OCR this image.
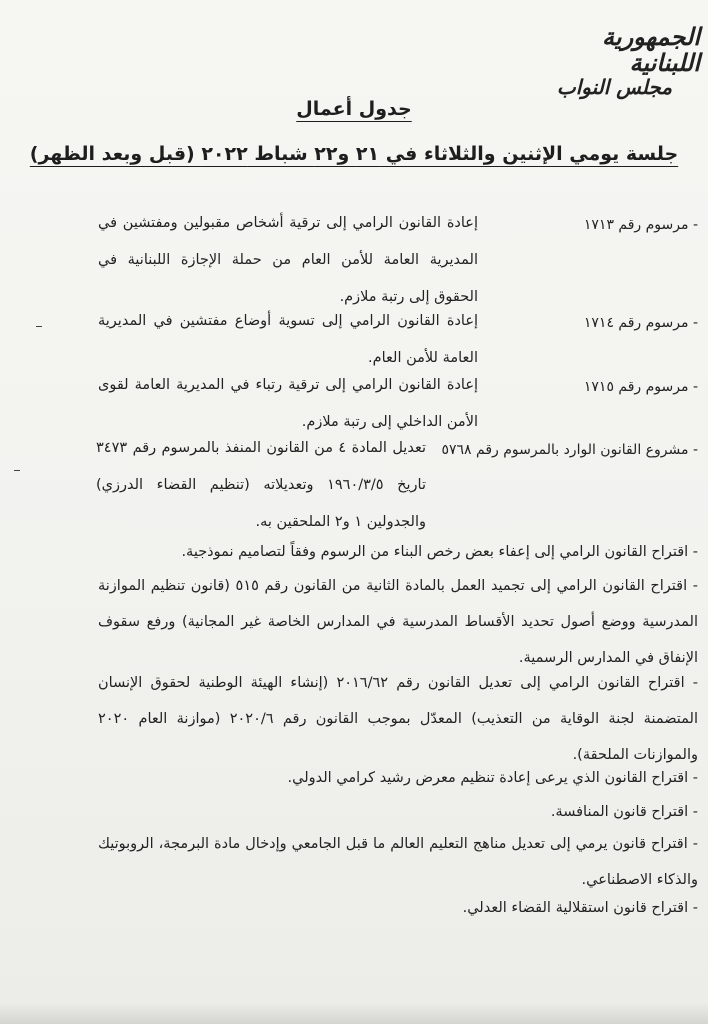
الجمهورية اللبنانية
مجلس النواب
جدول أعمال
جلسة يومي الإثنين والثلاثاء في ٢١ و٢٢ شباط ٢٠٢٢ (قبل وبعد الظهر)
- مرسوم رقم ١٧١٣
إعادة القانون الرامي إلى ترقية أشخاص مقبولين ومفتشين في المديرية العامة للأمن العام من حملة الإجازة اللبنانية في الحقوق إلى رتبة ملازم.
- مرسوم رقم ١٧١٤
إعادة القانون الرامي إلى تسوية أوضاع مفتشين في المديرية العامة للأمن العام.
- مرسوم رقم ١٧١٥
إعادة القانون الرامي إلى ترقية رتباء في المديرية العامة لقوى الأمن الداخلي إلى رتبة ملازم.
- مشروع القانون الوارد بالمرسوم رقم ٥٧٦٨
تعديل المادة ٤ من القانون المنفذ بالمرسوم رقم ٣٤٧٣ تاريخ ١٩٦٠/٣/٥ وتعديلاته (تنظيم القضاء الدرزي) والجدولين ١ و٢ الملحقين به.
- اقتراح القانون الرامي إلى إعفاء بعض رخص البناء من الرسوم وفقاً لتصاميم نموذجية.
- اقتراح القانون الرامي إلى تجميد العمل بالمادة الثانية من القانون رقم ٥١٥ (قانون تنظيم الموازنة المدرسية ووضع أصول تحديد الأقساط المدرسية في المدارس الخاصة غير المجانية) ورفع سقوف الإنفاق في المدارس الرسمية.
- اقتراح القانون الرامي إلى تعديل القانون رقم ٢٠١٦/٦٢ (إنشاء الهيئة الوطنية لحقوق الإنسان المتضمنة لجنة الوقاية من التعذيب) المعدّل بموجب القانون رقم ٢٠٢٠/٦ (موازنة العام ٢٠٢٠ والموازنات الملحقة).
- اقتراح القانون الذي يرعى إعادة تنظيم معرض رشيد كرامي الدولي.
- اقتراح قانون المنافسة.
- اقتراح قانون يرمي إلى تعديل مناهج التعليم العالم ما قبل الجامعي وإدخال مادة البرمجة، الروبوتيك والذكاء الاصطناعي.
- اقتراح قانون استقلالية القضاء العدلي.
